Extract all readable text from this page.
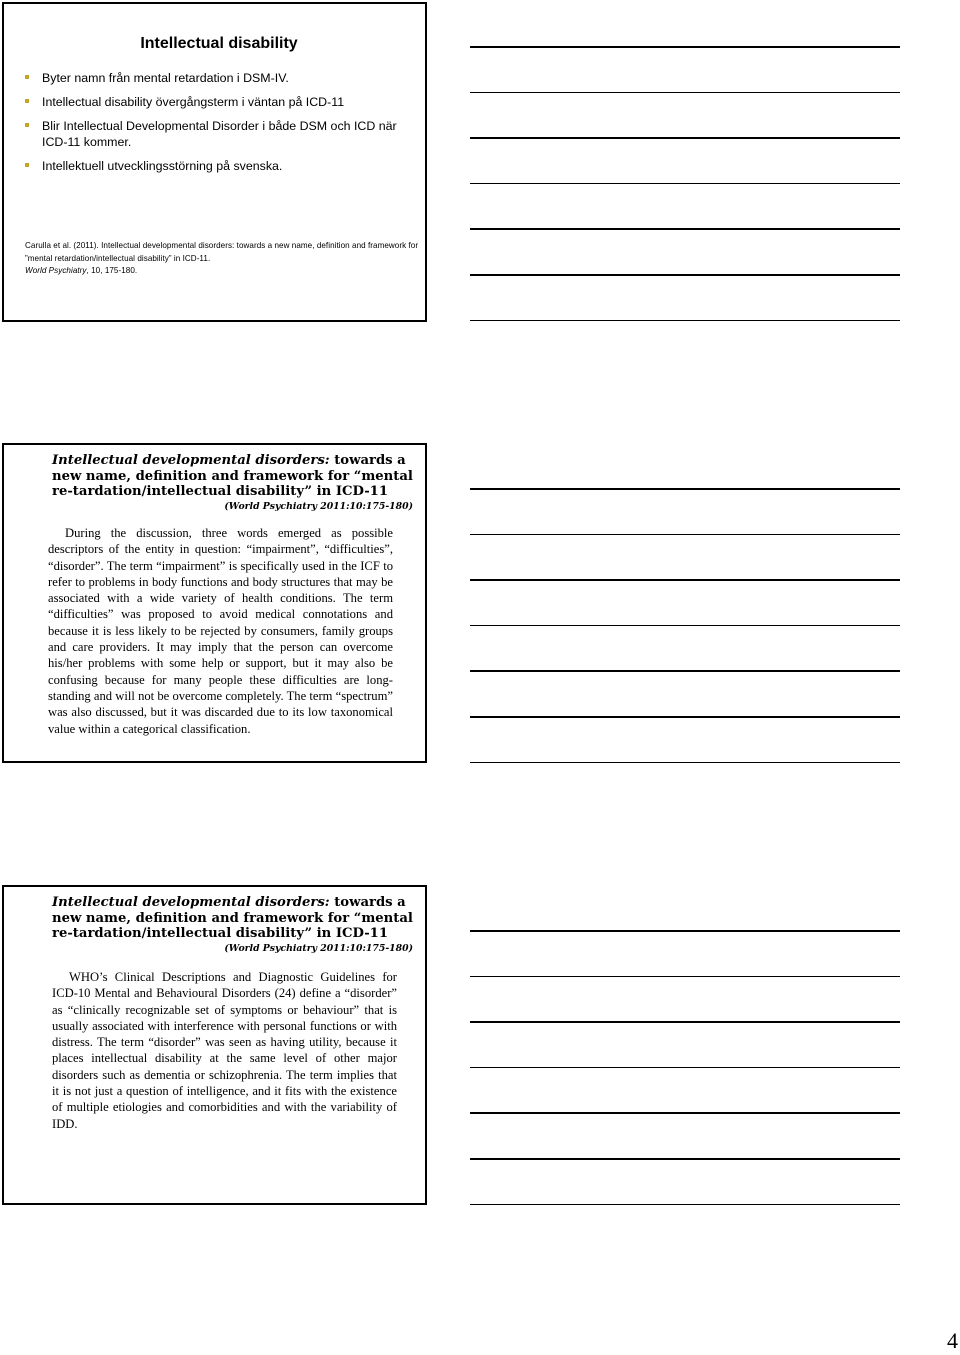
Intellectual disability
Byter namn från mental retardation i DSM-IV.
Intellectual disability övergångsterm i väntan på ICD-11
Blir Intellectual Developmental Disorder i både DSM och ICD när ICD-11 kommer.
Intellektuell utvecklingsstörning på svenska.
Carulla et al. (2011). Intellectual developmental disorders: towards a new name, definition and framework for ”mental retardation/intellectual disability” in ICD-11.
World Psychiatry, 10, 175-180.
Intellectual developmental disorders: towards a new name, definition and framework for “mental re-tardation/intellectual disability” in ICD-11
(World Psychiatry 2011:10:175-180)

During the discussion, three words emerged as possible descriptors of the entity in question: “impairment”, “difficulties”, “disorder”. The term “impairment” is specifically used in the ICF to refer to problems in body functions and body structures that may be associated with a wide variety of health conditions. The term “difficulties” was proposed to avoid medical connotations and because it is less likely to be rejected by consumers, family groups and care providers. It may imply that the person can overcome his/her problems with some help or support, but it may also be confusing because for many people these difficulties are long-standing and will not be overcome completely. The term “spectrum” was also discussed, but it was discarded due to its low taxonomical value within a categorical classification.

Intellectual developmental disorders: towards a new name, definition and framework for “mental re-tardation/intellectual disability” in ICD-11
(World Psychiatry 2011:10:175-180)

WHO’s Clinical Descriptions and Diagnostic Guidelines for ICD-10 Mental and Behavioural Disorders (24) define a “disorder” as “clinically recognizable set of symptoms or behaviour” that is usually associated with interference with personal functions or with distress. The term “disorder” was seen as having utility, because it places intellectual disability at the same level of other major disorders such as dementia or schizophrenia. The term implies that it is not just a question of intelligence, and it fits with the existence of multiple etiologies and comorbidities and with the variability of IDD.

4
